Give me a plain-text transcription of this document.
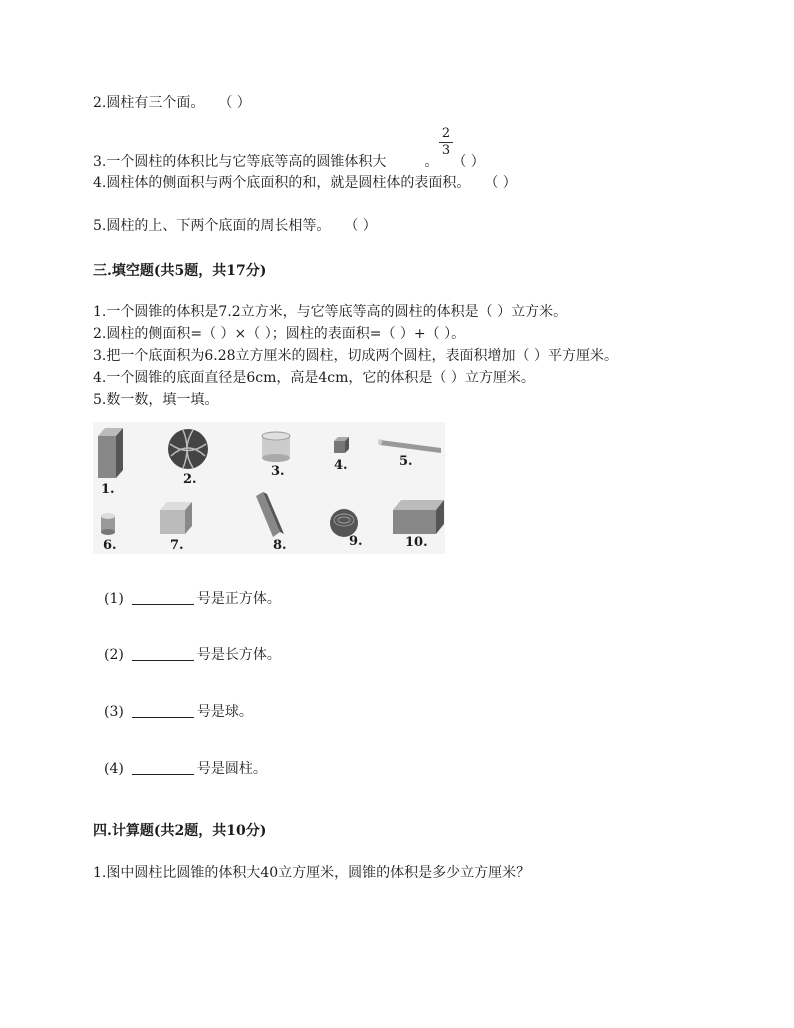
2.圆柱有三个面。　　（ ）
2
3
3.一个圆柱的体积比与它等底等高的圆锥体积大	。　　（ ）
4.圆柱体的侧面积与两个底面积的和，就是圆柱体的表面积。　　（ ）
5.圆柱的上、下两个底面的周长相等。　　（ ）
三.填空题(共5题，共17分)
1.一个圆锥的体积是7.2立方米，与它等底等高的圆柱的体积是（ ）立方米。
2.圆柱的侧面积=（ ）×（ ）；圆柱的表面积=（ ）+（ ）。
3.把一个底面积为6.28立方厘米的圆柱，切成两个圆柱，表面积增加（ ）平方厘米。
4.一个圆锥的底面直径是6cm，高是4cm，它的体积是（ ）立方厘米。
5.数一数，填一填。
1.
2.
3.	4.	5.
6.	7.	8.	9.	10.
(1)	号是正方体。
(2)	号是长方体。
(3)	号是球。
(4)	号是圆柱。
四.计算题(共2题，共10分)
1.图中圆柱比圆锥的体积大40立方厘米，圆锥的体积是多少立方厘米？
